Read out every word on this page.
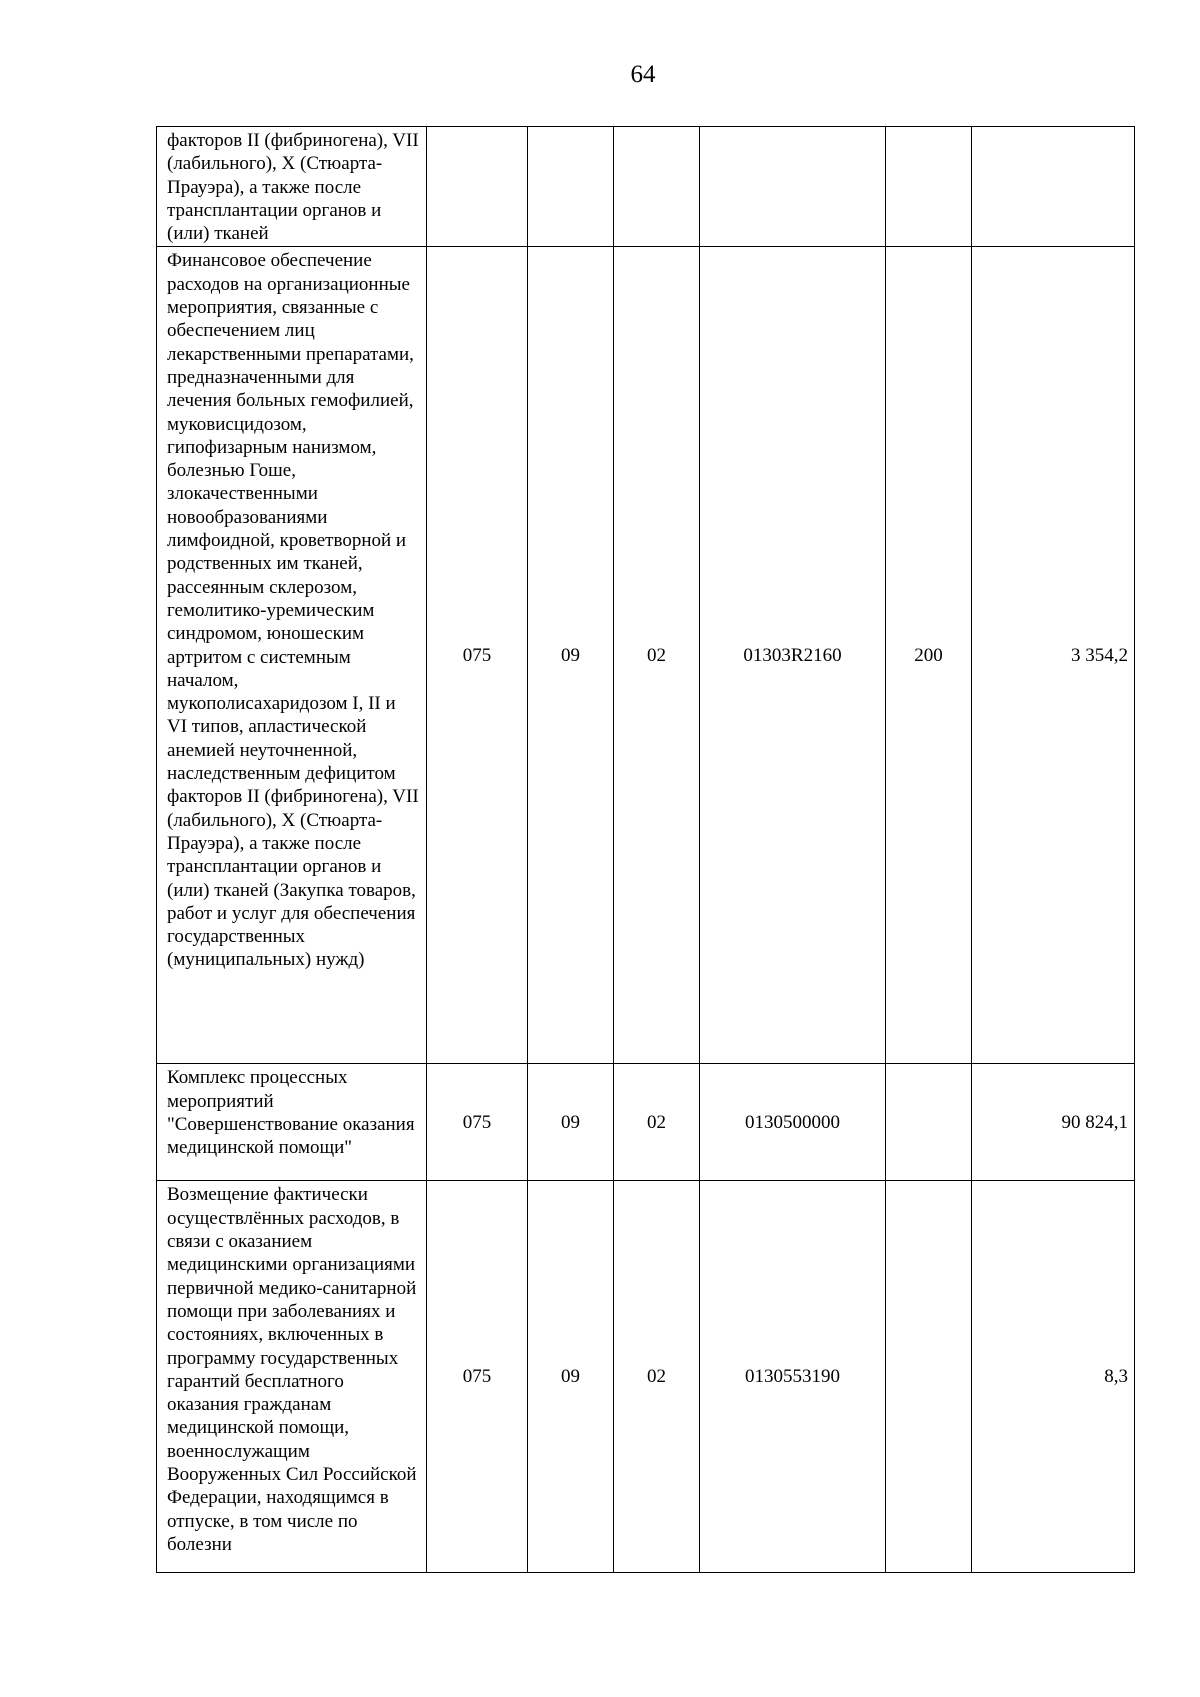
64
факторов II (фибриногена), VII (лабильного), X (Стюарта-Прауэра), а также после трансплантации органов и (или) тканей						
Финансовое обеспечение расходов на организационные мероприятия, связанные с обеспечением лиц лекарственными препаратами, предназначенными для лечения больных гемофилией, муковисцидозом, гипофизарным нанизмом, болезнью Гоше, злокачественными новообразованиями лимфоидной, кроветворной и родственных им тканей, рассеянным склерозом, гемолитико-уремическим синдромом, юношеским артритом с системным началом, мукополисахаридозом I, II и VI типов, апластической анемией неуточненной, наследственным дефицитом факторов II (фибриногена), VII (лабильного), X (Стюарта-Прауэра), а также после трансплантации органов и (или) тканей (Закупка товаров, работ и услуг для обеспечения государственных (муниципальных) нужд)	075	09	02	01303R2160	200	3 354,2
Комплекс процессных мероприятий "Совершенствование оказания медицинской помощи"	075	09	02	0130500000		90 824,1
Возмещение фактически осуществлённых расходов, в связи с оказанием медицинскими организациями первичной медико-санитарной помощи при заболеваниях и состояниях, включенных в программу государственных гарантий бесплатного оказания гражданам медицинской помощи, военнослужащим Вооруженных Сил Российской Федерации, находящимся в отпуске, в том числе по болезни	075	09	02	0130553190		8,3
